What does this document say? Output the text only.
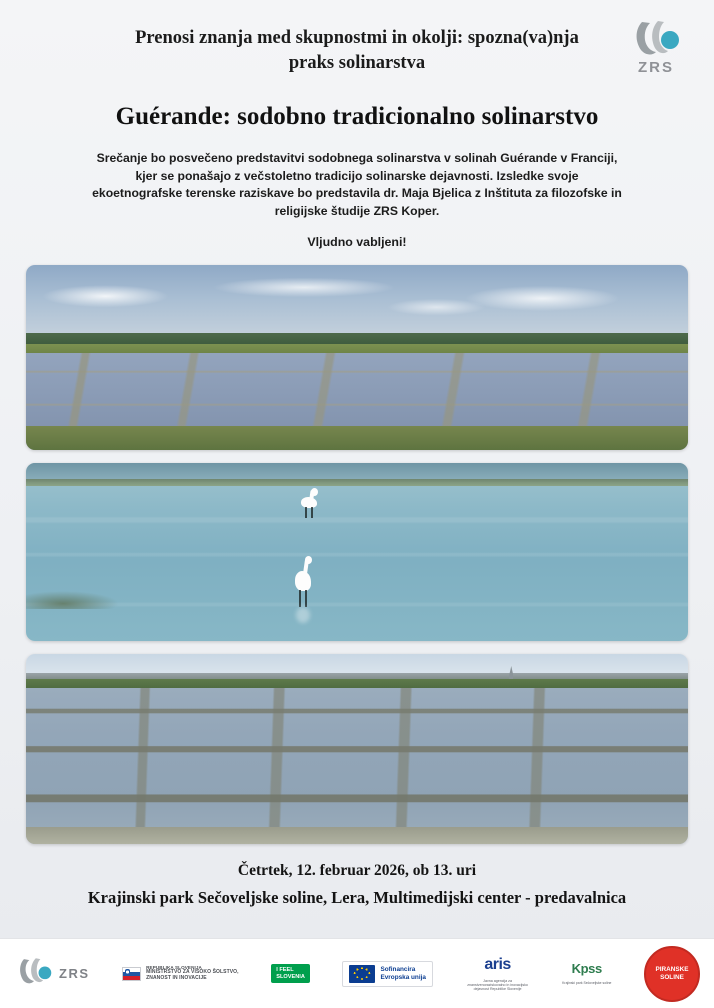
ZRS
Prenosi znanja med skupnostmi in okolji: spozna(va)nja praks solinarstva
Guérande: sodobno tradicionalno solinarstvo

Srečanje bo posvečeno predstavitvi sodobnega solinarstva v solinah Guérande v Franciji, kjer se ponašajo z večstoletno tradicijo solinarske dejavnosti. Izsledke svoje ekoetnografske terenske raziskave bo predstavila dr. Maja Bjelica z Inštituta za filozofske in religijske študije ZRS Koper.

Vljudno vabljeni!

Četrtek, 12. februar 2026, ob 13. uri
Krajinski park Sečoveljske soline, Lera, Multimedijski center - predavalnica
ZRS	REPUBLIKA SLOVENIJA
MINISTRSTVO ZA VISOKO ŠOLSTVO,
ZNANOST IN INOVACIJE
I FEEL
SLOVENIA
Sofinancira
Evropska unija
aris
Javna agencija za znanstvenoraziskovalno in inovacijsko dejavnost Republike Slovenije
Kpss
Krajinski park Sečoveljske soline
PIRANSKE
SOLINE
